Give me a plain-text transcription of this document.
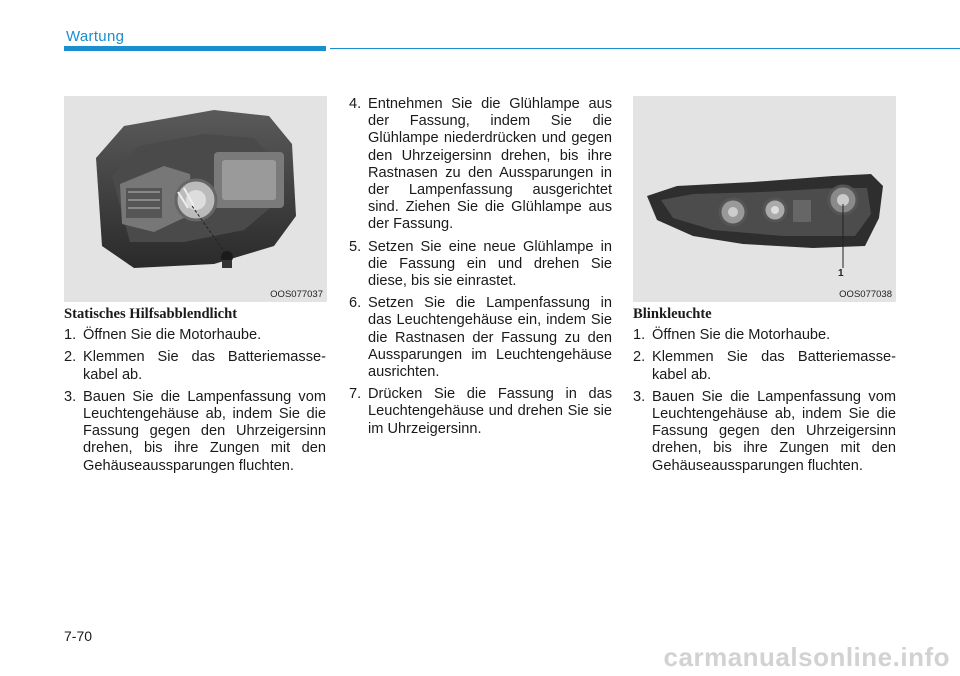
Wartung
OOS077037
1
OOS077038
Statisches Hilfsabblendlicht
1. Öffnen Sie die Motorhaube.
2. Klemmen Sie das Batteriemassekabel ab.
3. Bauen Sie die Lampenfassung vom Leuchtengehäuse ab, indem Sie die Fassung gegen den Uhrzeigersinn drehen, bis ihre Zungen mit den Gehäuseaussparungen fluchten.
4. Entnehmen Sie die Glühlampe aus der Fassung, indem Sie die Glühlampe niederdrücken und gegen den Uhrzeigersinn drehen, bis ihre Rastnasen zu den Aussparungen in der Lampenfassung ausgerichtet sind. Ziehen Sie die Glühlampe aus der Fassung.
5. Setzen Sie eine neue Glühlampe in die Fassung ein und drehen Sie diese, bis sie einrastet.
6. Setzen Sie die Lampenfassung in das Leuchtengehäuse ein, indem Sie die Rastnasen der Fassung zu den Aussparungen im Leuchtengehäuse ausrichten.
7. Drücken Sie die Fassung in das Leuchtengehäuse und drehen Sie sie im Uhrzeigersinn.
Blinkleuchte
1. Öffnen Sie die Motorhaube.
2. Klemmen Sie das Batteriemassekabel ab.
3. Bauen Sie die Lampenfassung vom Leuchtengehäuse ab, indem Sie die Fassung gegen den Uhrzeigersinn drehen, bis ihre Zungen mit den Gehäuseaussparungen fluchten.
7-70
carmanualsonline.info
